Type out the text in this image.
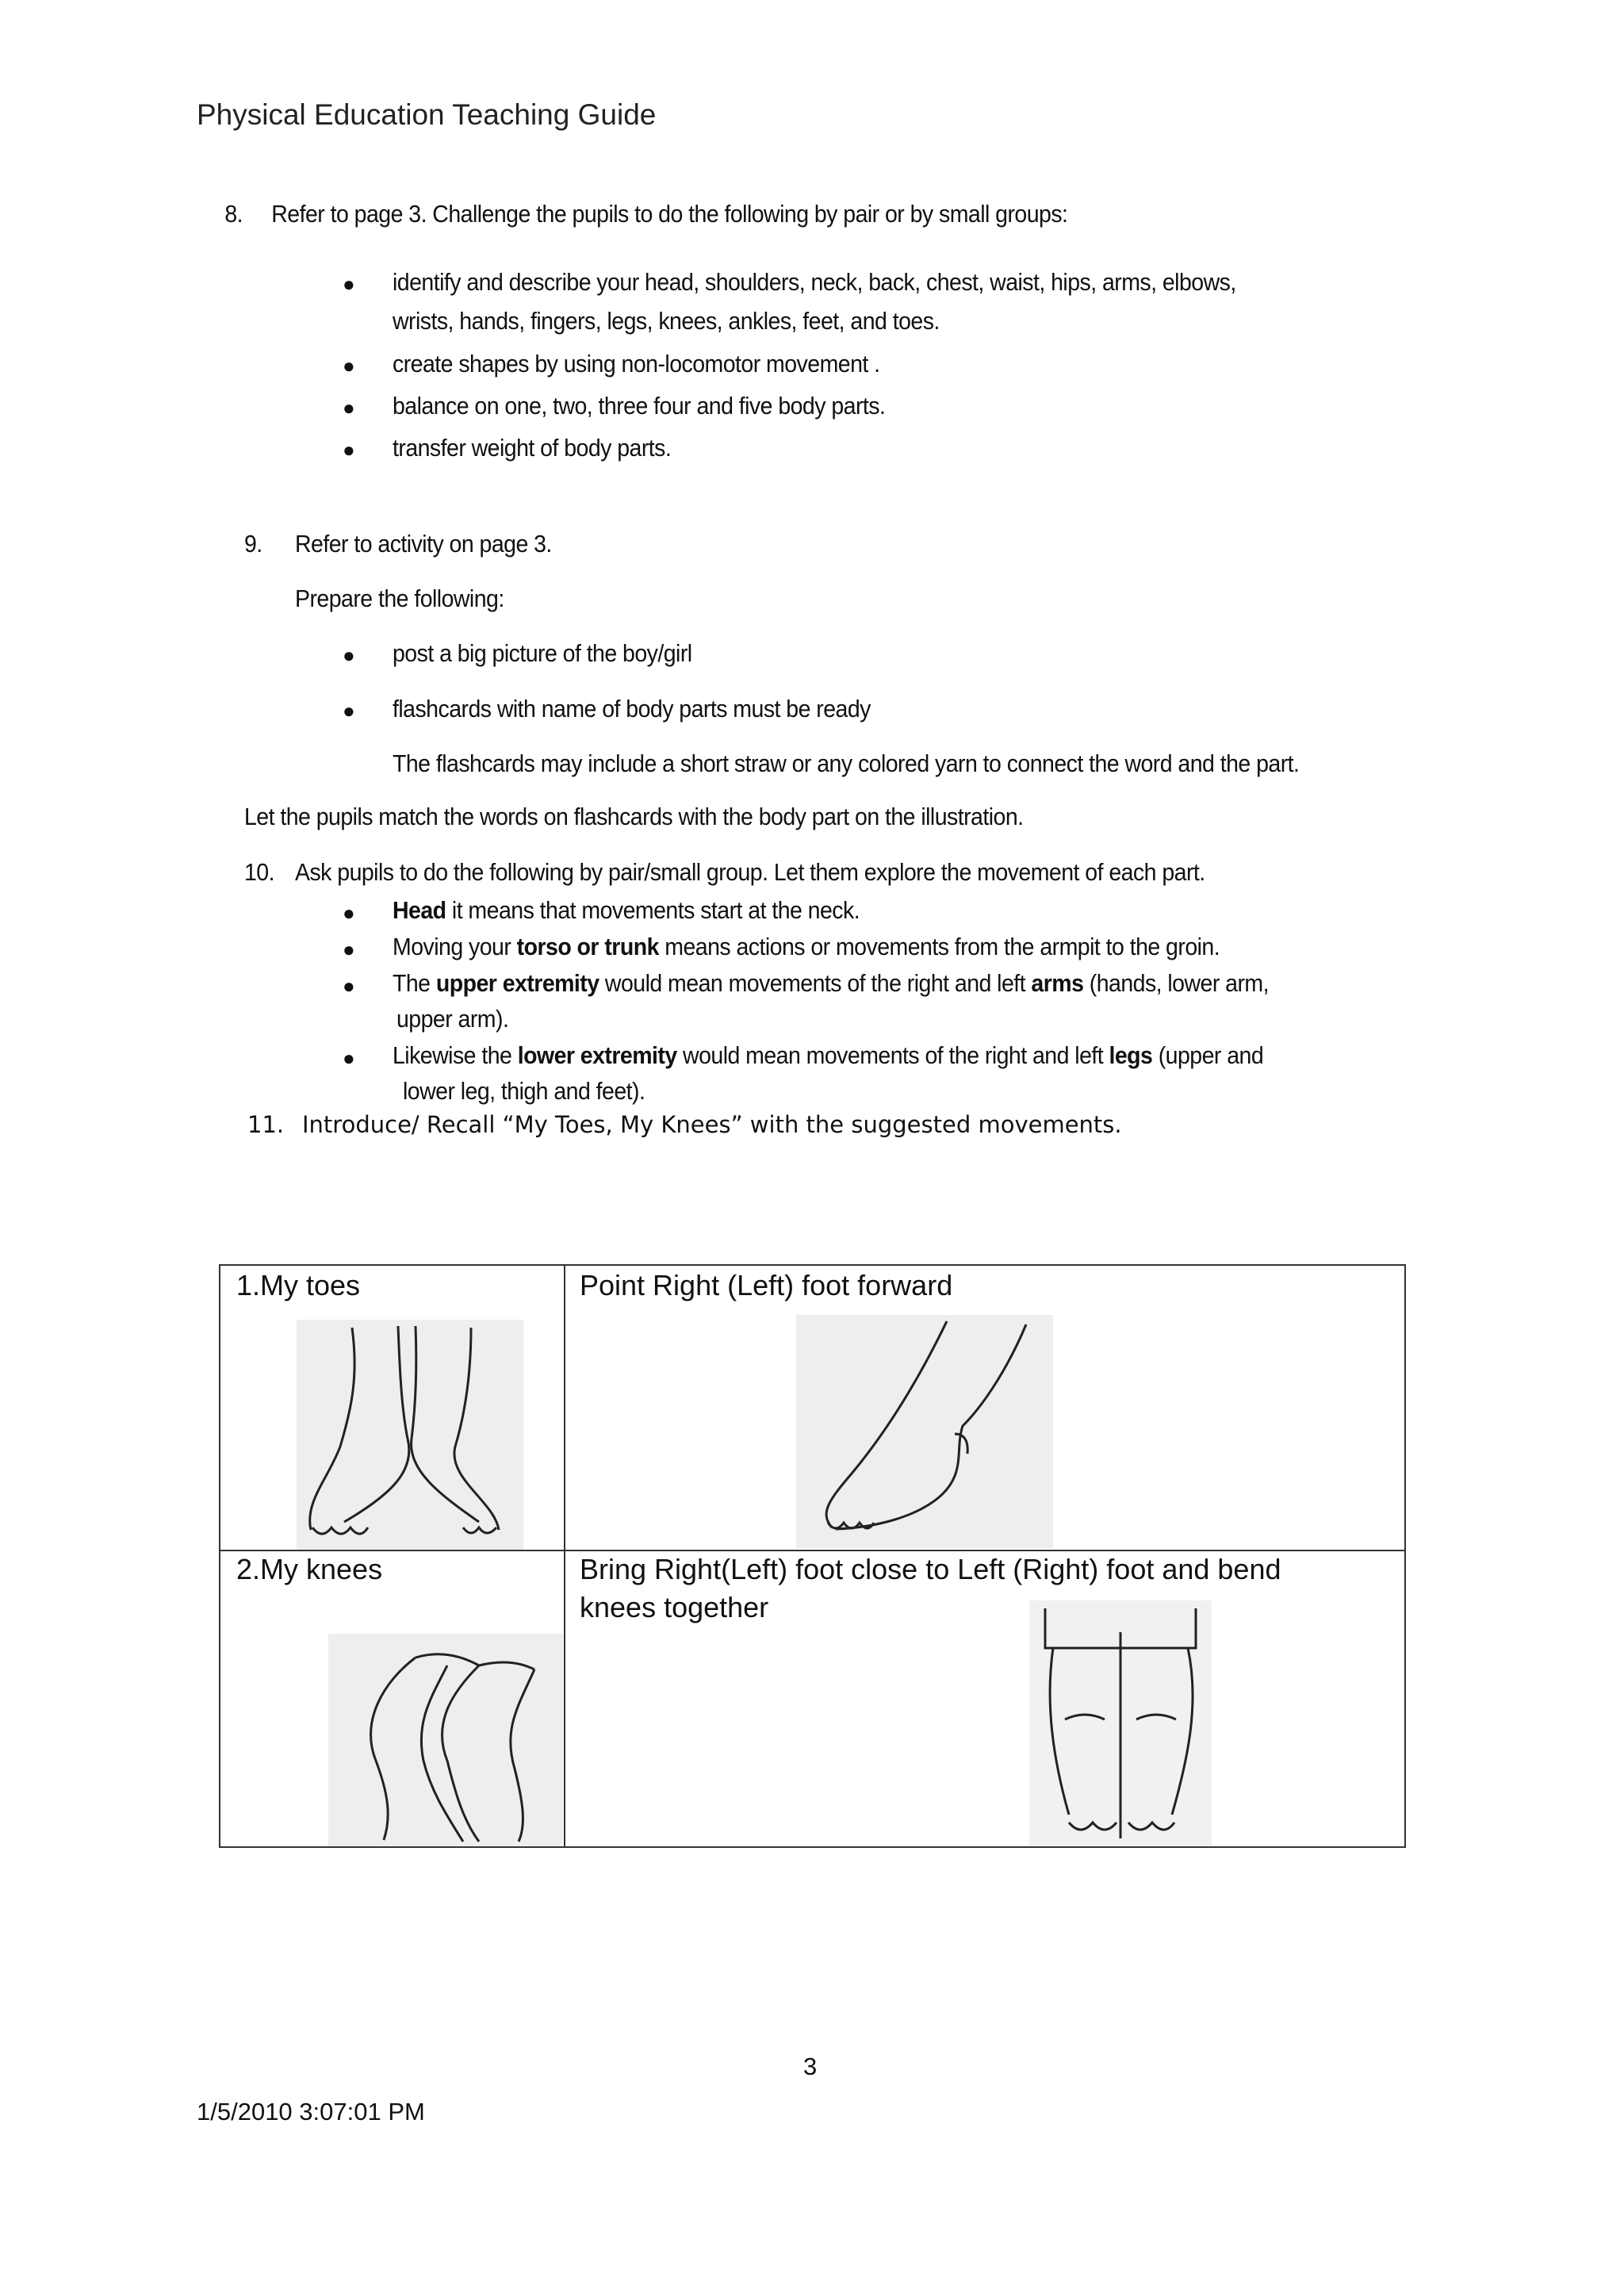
Physical Education Teaching Guide
8. Refer to page 3. Challenge the pupils to do the following by pair or by small groups:
● identify and describe your head, shoulders, neck, back, chest, waist, hips, arms, elbows,
wrists, hands, fingers, legs, knees, ankles, feet, and toes.
● create shapes by using non-locomotor movement .
● balance on one, two, three four and five body parts.
● transfer weight of body parts.
9. Refer to activity on page 3.
Prepare the following:
● post a big picture of the boy/girl
● flashcards with name of body parts must be ready
The flashcards may include a short straw or any colored yarn to connect the word and the part.
Let the pupils match the words on flashcards with the body part on the illustration.
10. Ask pupils to do the following by pair/small group. Let them explore the movement of each part.
● Head it means that movements start at the neck.
● Moving your torso or trunk means actions or movements from the armpit to the groin.
● The upper extremity would mean movements of the right and left arms (hands, lower arm,
upper arm).
● Likewise the lower extremity would mean movements of the right and left legs (upper and
lower leg, thigh and feet).
11. Introduce/ Recall “My Toes, My Knees” with the suggested movements.
1.My toes	Point Right (Left) foot forward
2.My knees	Bring Right(Left) foot close to Left (Right) foot and bend
knees together
3
1/5/2010 3:07:01 PM
